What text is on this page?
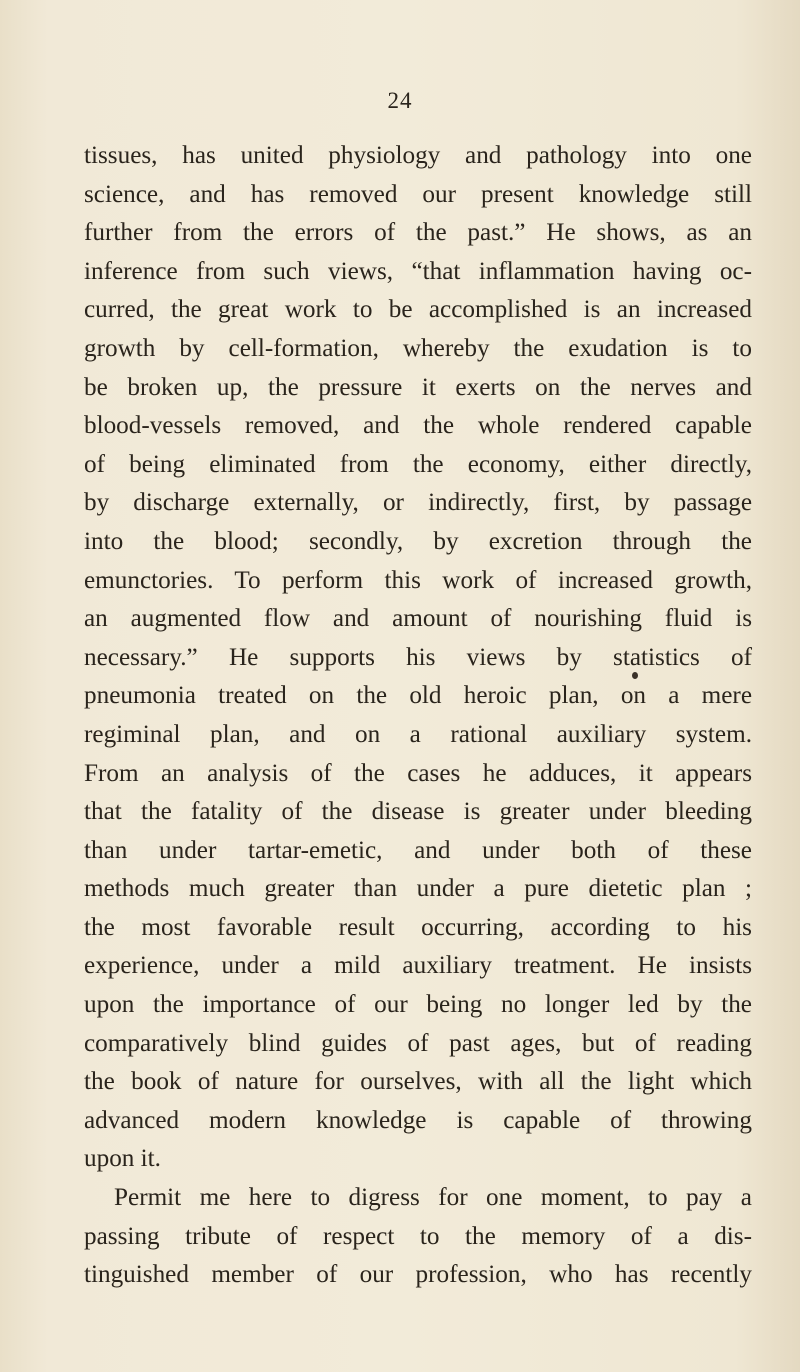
24
tissues, has united physiology and pathology into one
science, and has removed our present knowledge still
further from the errors of the past.” He shows, as an
inference from such views, “that inflammation having oc-
curred, the great work to be accomplished is an increased
growth by cell-formation, whereby the exudation is to
be broken up, the pressure it exerts on the nerves and
blood-vessels removed, and the whole rendered capable
of being eliminated from the economy, either directly,
by discharge externally, or indirectly, first, by passage
into the blood; secondly, by excretion through the
emunctories. To perform this work of increased growth,
an augmented flow and amount of nourishing fluid is
necessary.” He supports his views by statistics of
pneumonia treated on the old heroic plan, on a mere
regiminal plan, and on a rational auxiliary system.
From an analysis of the cases he adduces, it appears
that the fatality of the disease is greater under bleeding
than under tartar-emetic, and under both of these
methods much greater than under a pure dietetic plan ;
the most favorable result occurring, according to his
experience, under a mild auxiliary treatment. He insists
upon the importance of our being no longer led by the
comparatively blind guides of past ages, but of reading
the book of nature for ourselves, with all the light which
advanced modern knowledge is capable of throwing
upon it.
Permit me here to digress for one moment, to pay a
passing tribute of respect to the memory of a dis-
tinguished member of our profession, who has recently
